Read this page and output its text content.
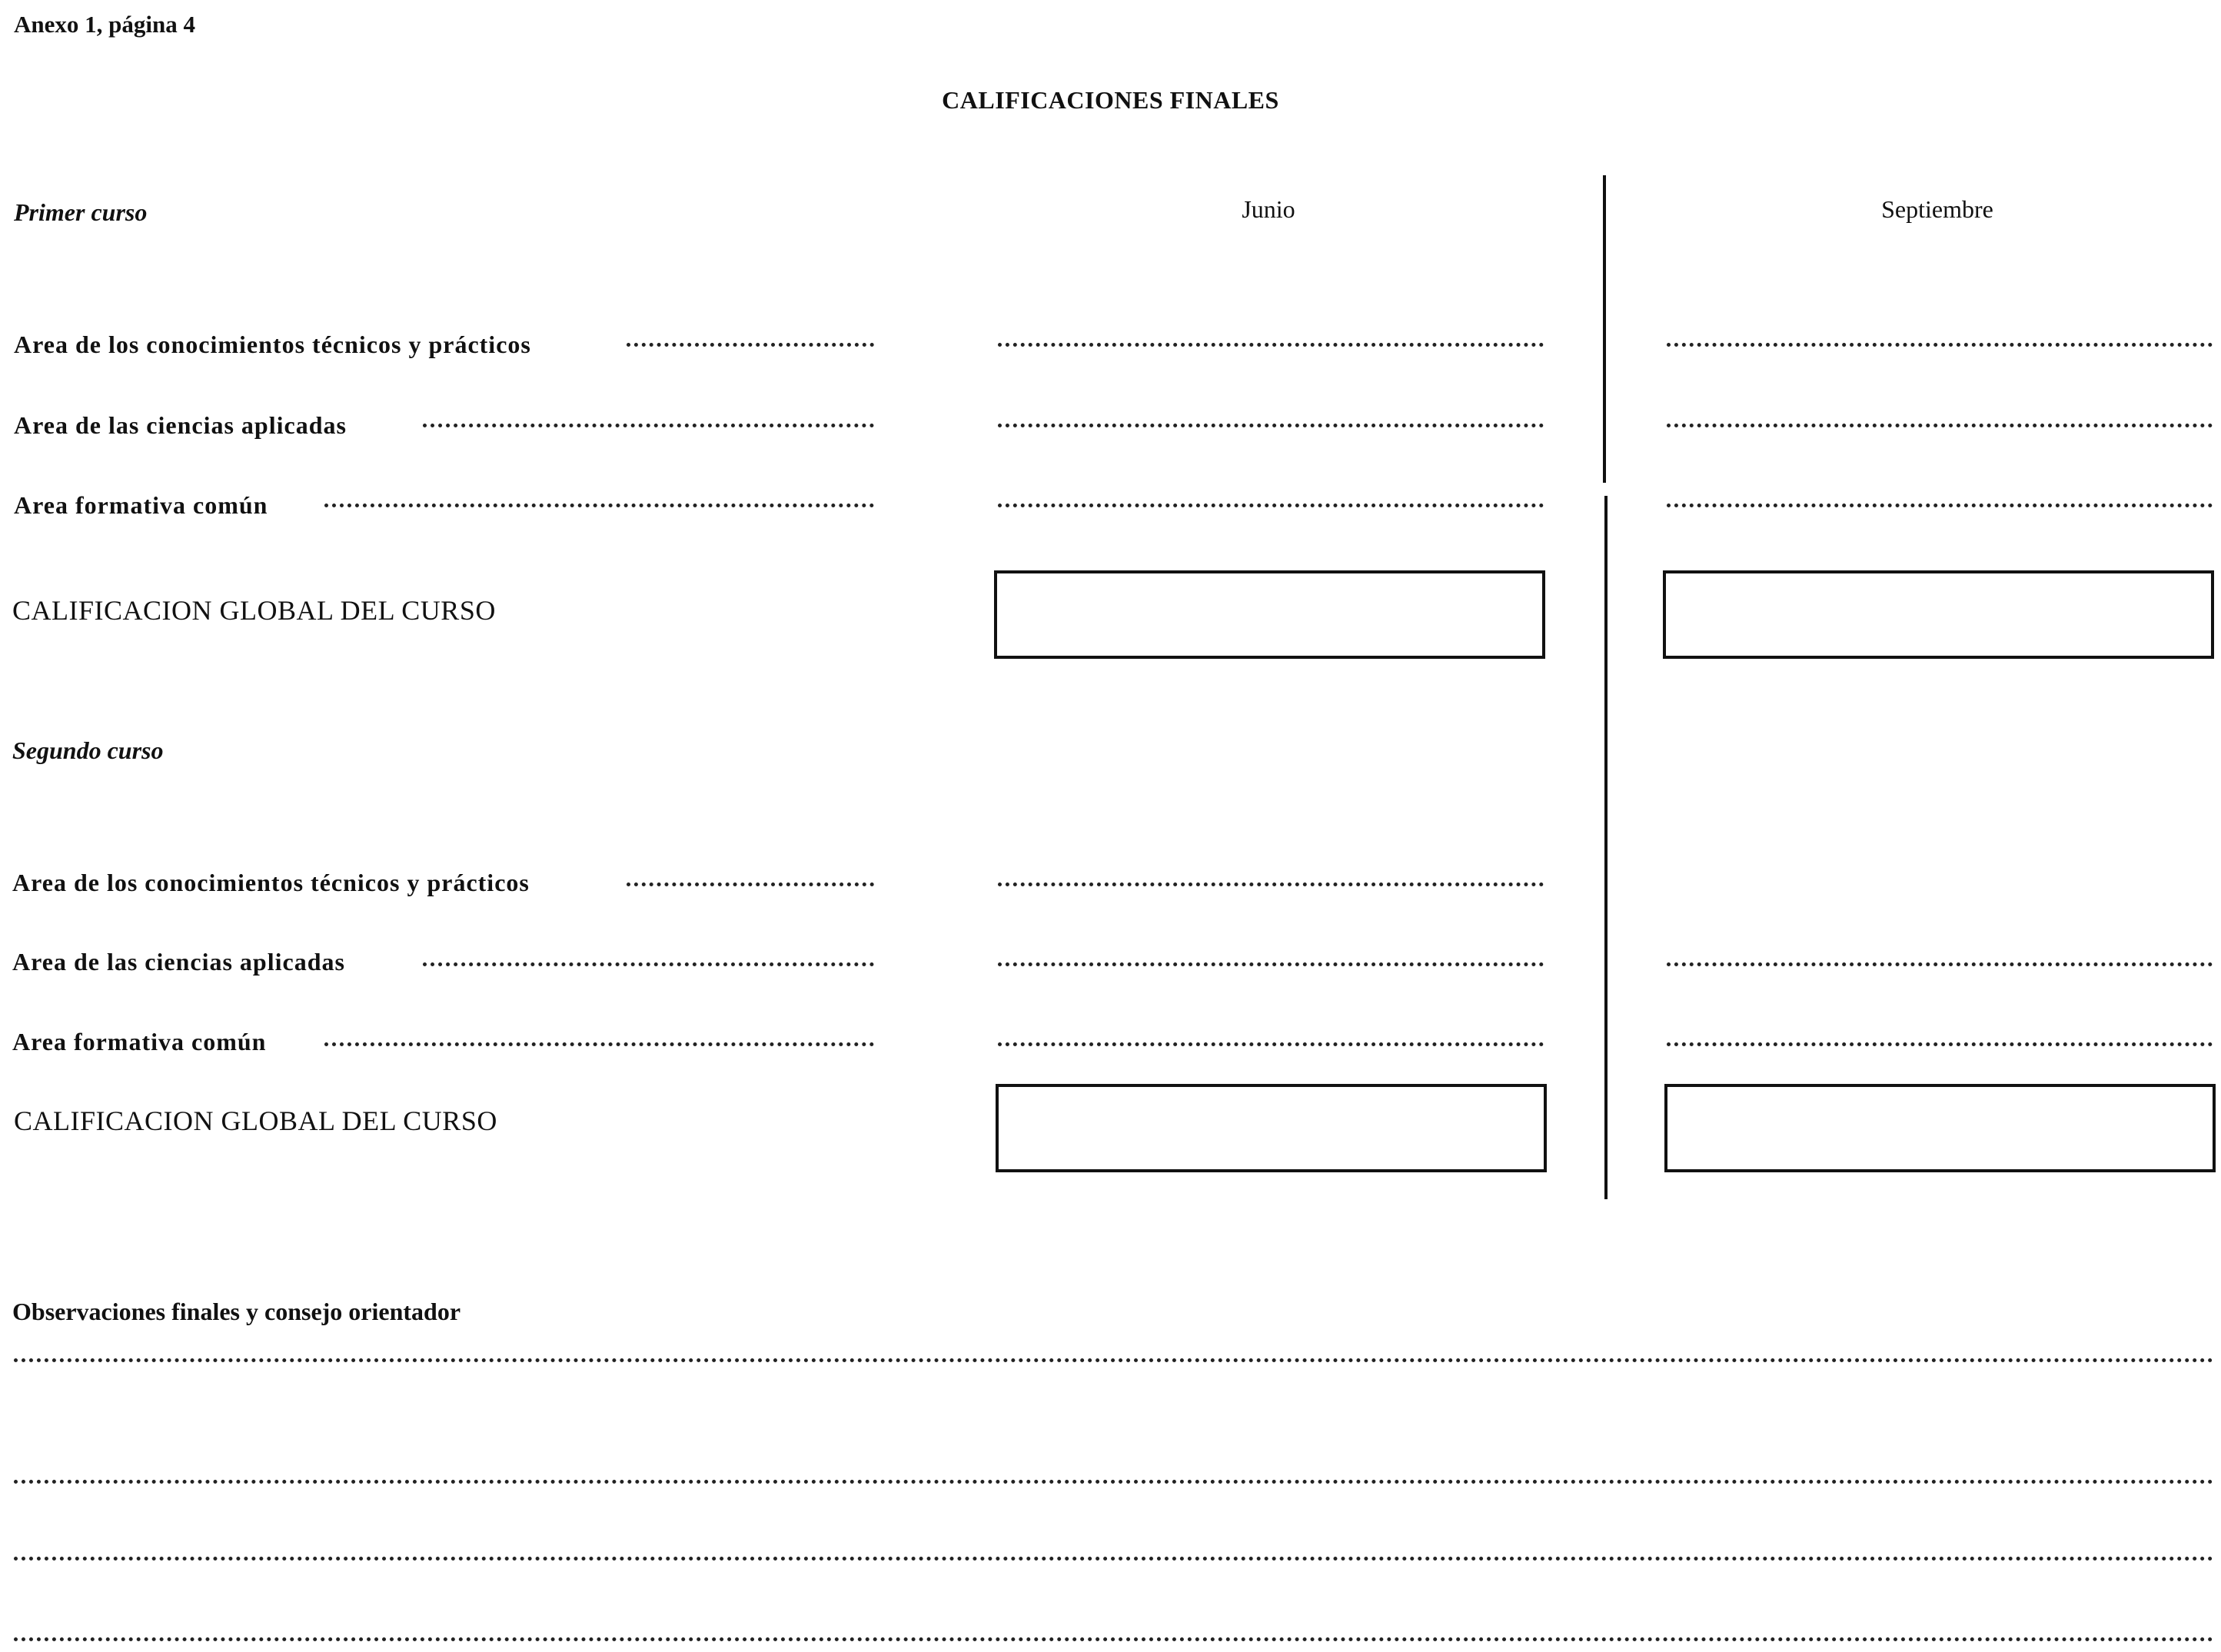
Anexo 1, página 4
CALIFICACIONES FINALES
Junio	Septiembre
Primer curso
Area de los conocimientos técnicos y prácticos
Area de las ciencias aplicadas
Area formativa común
CALIFICACION GLOBAL DEL CURSO
Segundo curso
Area de los conocimientos técnicos y prácticos
Area de las ciencias aplicadas
Area formativa común
CALIFICACION GLOBAL DEL CURSO
Observaciones finales y consejo orientador
